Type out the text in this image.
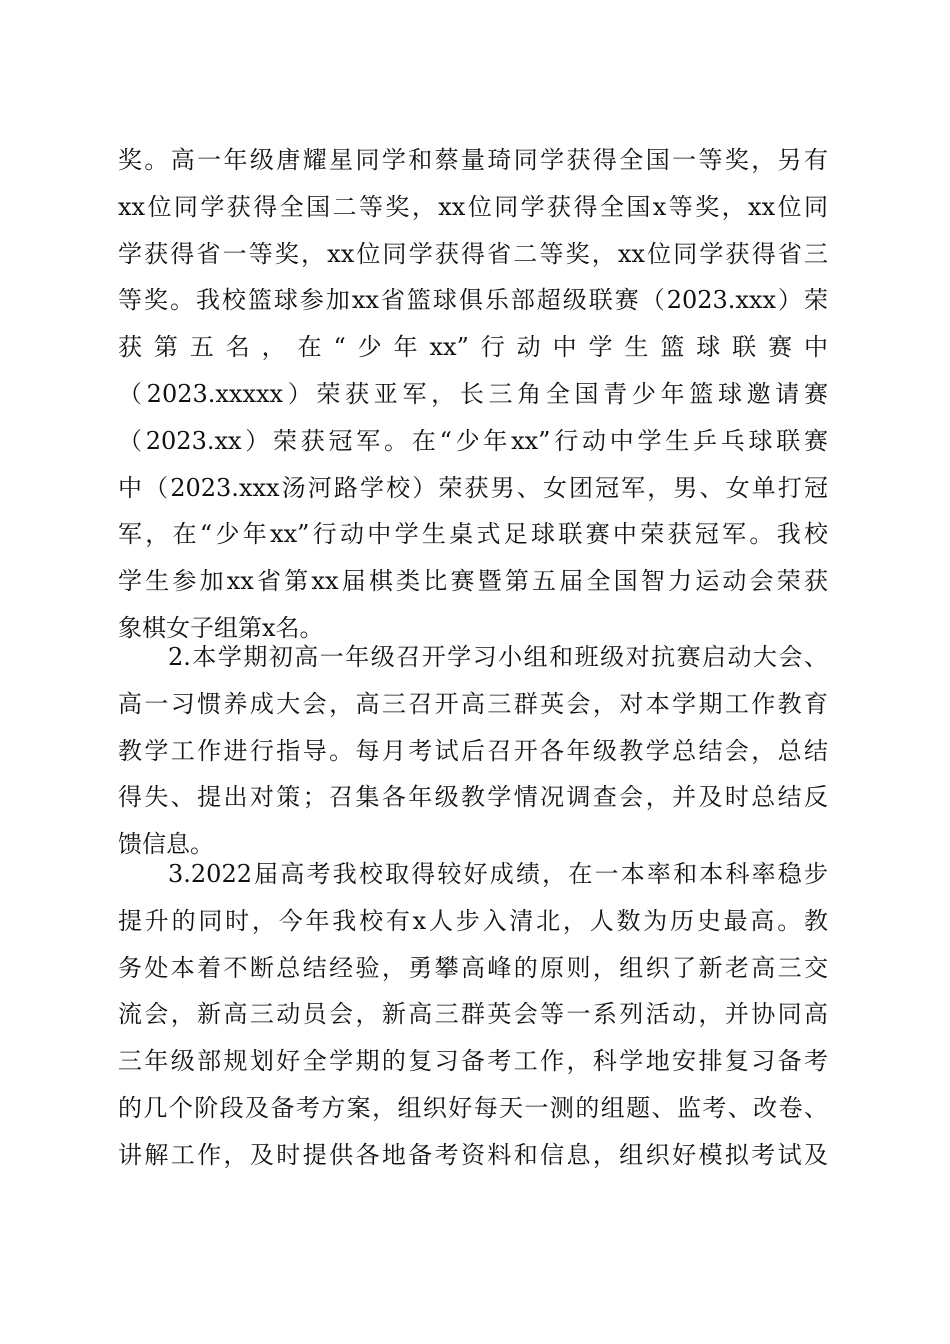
奖。高一年级唐耀星同学和蔡量琦同学获得全国一等奖，另有
xx位同学获得全国二等奖，xx位同学获得全国x等奖，xx位同
学获得省一等奖，xx位同学获得省二等奖，xx位同学获得省三
等奖。我校篮球参加xx省篮球俱乐部超级联赛（2023.xxx）荣
获第五名，在“少年xx”行动中学生篮球联赛中
（2023.xxxxx）荣获亚军，长三角全国青少年篮球邀请赛
（2023.xx）荣获冠军。在“少年xx”行动中学生乒乓球联赛
中（2023.xxx汤河路学校）荣获男、女团冠军，男、女单打冠
军，在“少年xx”行动中学生桌式足球联赛中荣获冠军。我校
学生参加xx省第xx届棋类比赛暨第五届全国智力运动会荣获
象棋女子组第x名。
2.本学期初高一年级召开学习小组和班级对抗赛启动大会、
高一习惯养成大会，高三召开高三群英会，对本学期工作教育
教学工作进行指导。每月考试后召开各年级教学总结会，总结
得失、提出对策；召集各年级教学情况调查会，并及时总结反
馈信息。
3.2022届高考我校取得较好成绩，在一本率和本科率稳步
提升的同时，今年我校有x人步入清北，人数为历史最高。教
务处本着不断总结经验，勇攀高峰的原则，组织了新老高三交
流会，新高三动员会，新高三群英会等一系列活动，并协同高
三年级部规划好全学期的复习备考工作，科学地安排复习备考
的几个阶段及备考方案，组织好每天一测的组题、监考、改卷、
讲解工作，及时提供各地备考资料和信息，组织好模拟考试及
